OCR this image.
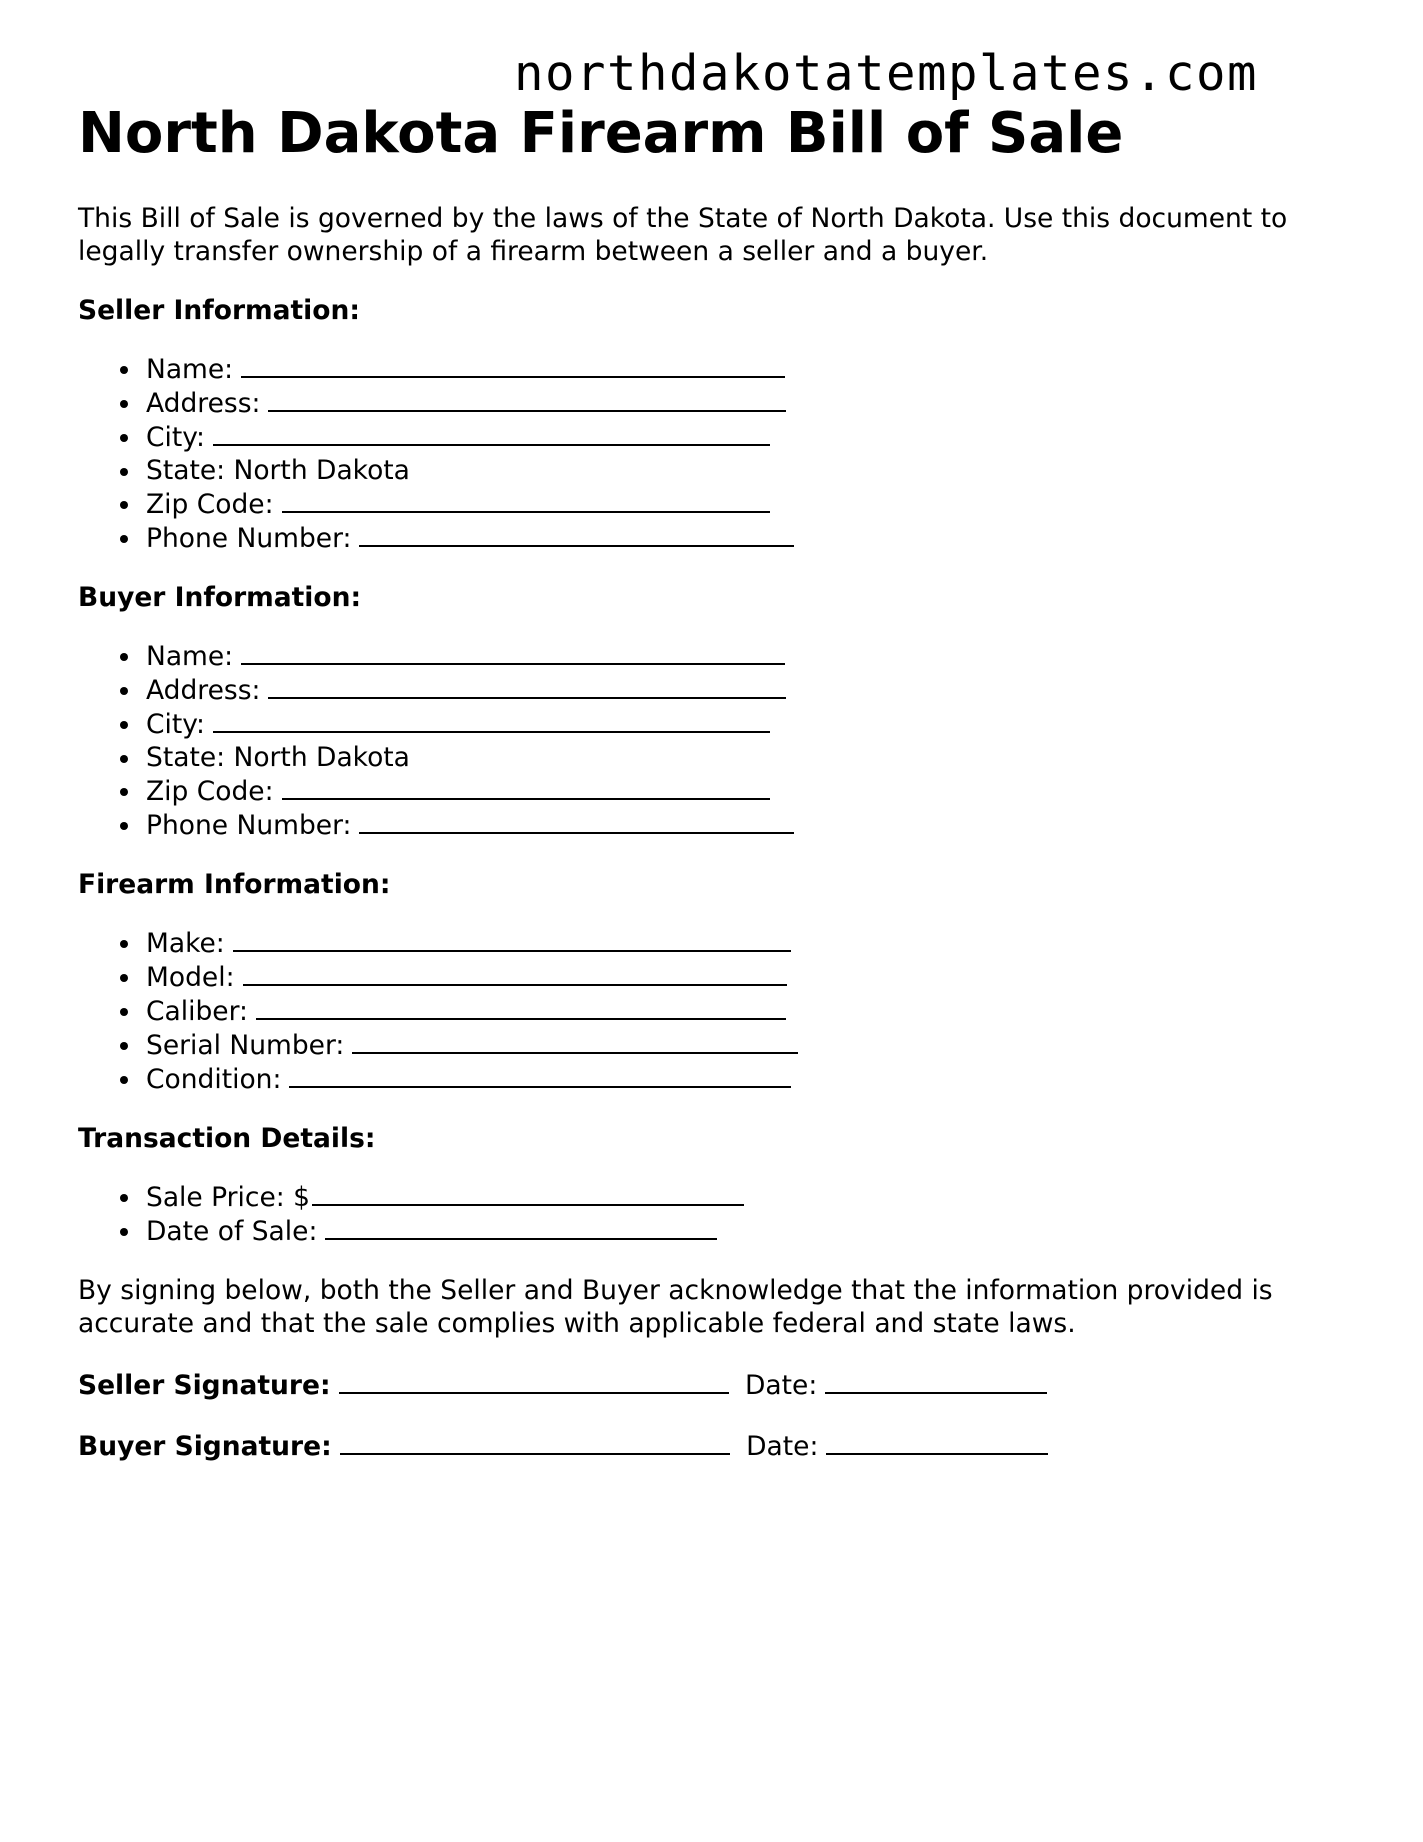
northdakotatemplates.com
North Dakota Firearm Bill of Sale

This Bill of Sale is governed by the laws of the State of North Dakota. Use this document to legally transfer ownership of a firearm between a seller and a buyer.

Seller Information:
Name:
Address:
City:
State: North Dakota
Zip Code:
Phone Number:
Buyer Information:
Name:
Address:
City:
State: North Dakota
Zip Code:
Phone Number:
Firearm Information:
Make:
Model:
Caliber:
Serial Number:
Condition:
Transaction Details:
Sale Price: $
Date of Sale:

By signing below, both the Seller and Buyer acknowledge that the information provided is accurate and that the sale complies with applicable federal and state laws.

Seller Signature:	Date:
Buyer Signature:	Date:
